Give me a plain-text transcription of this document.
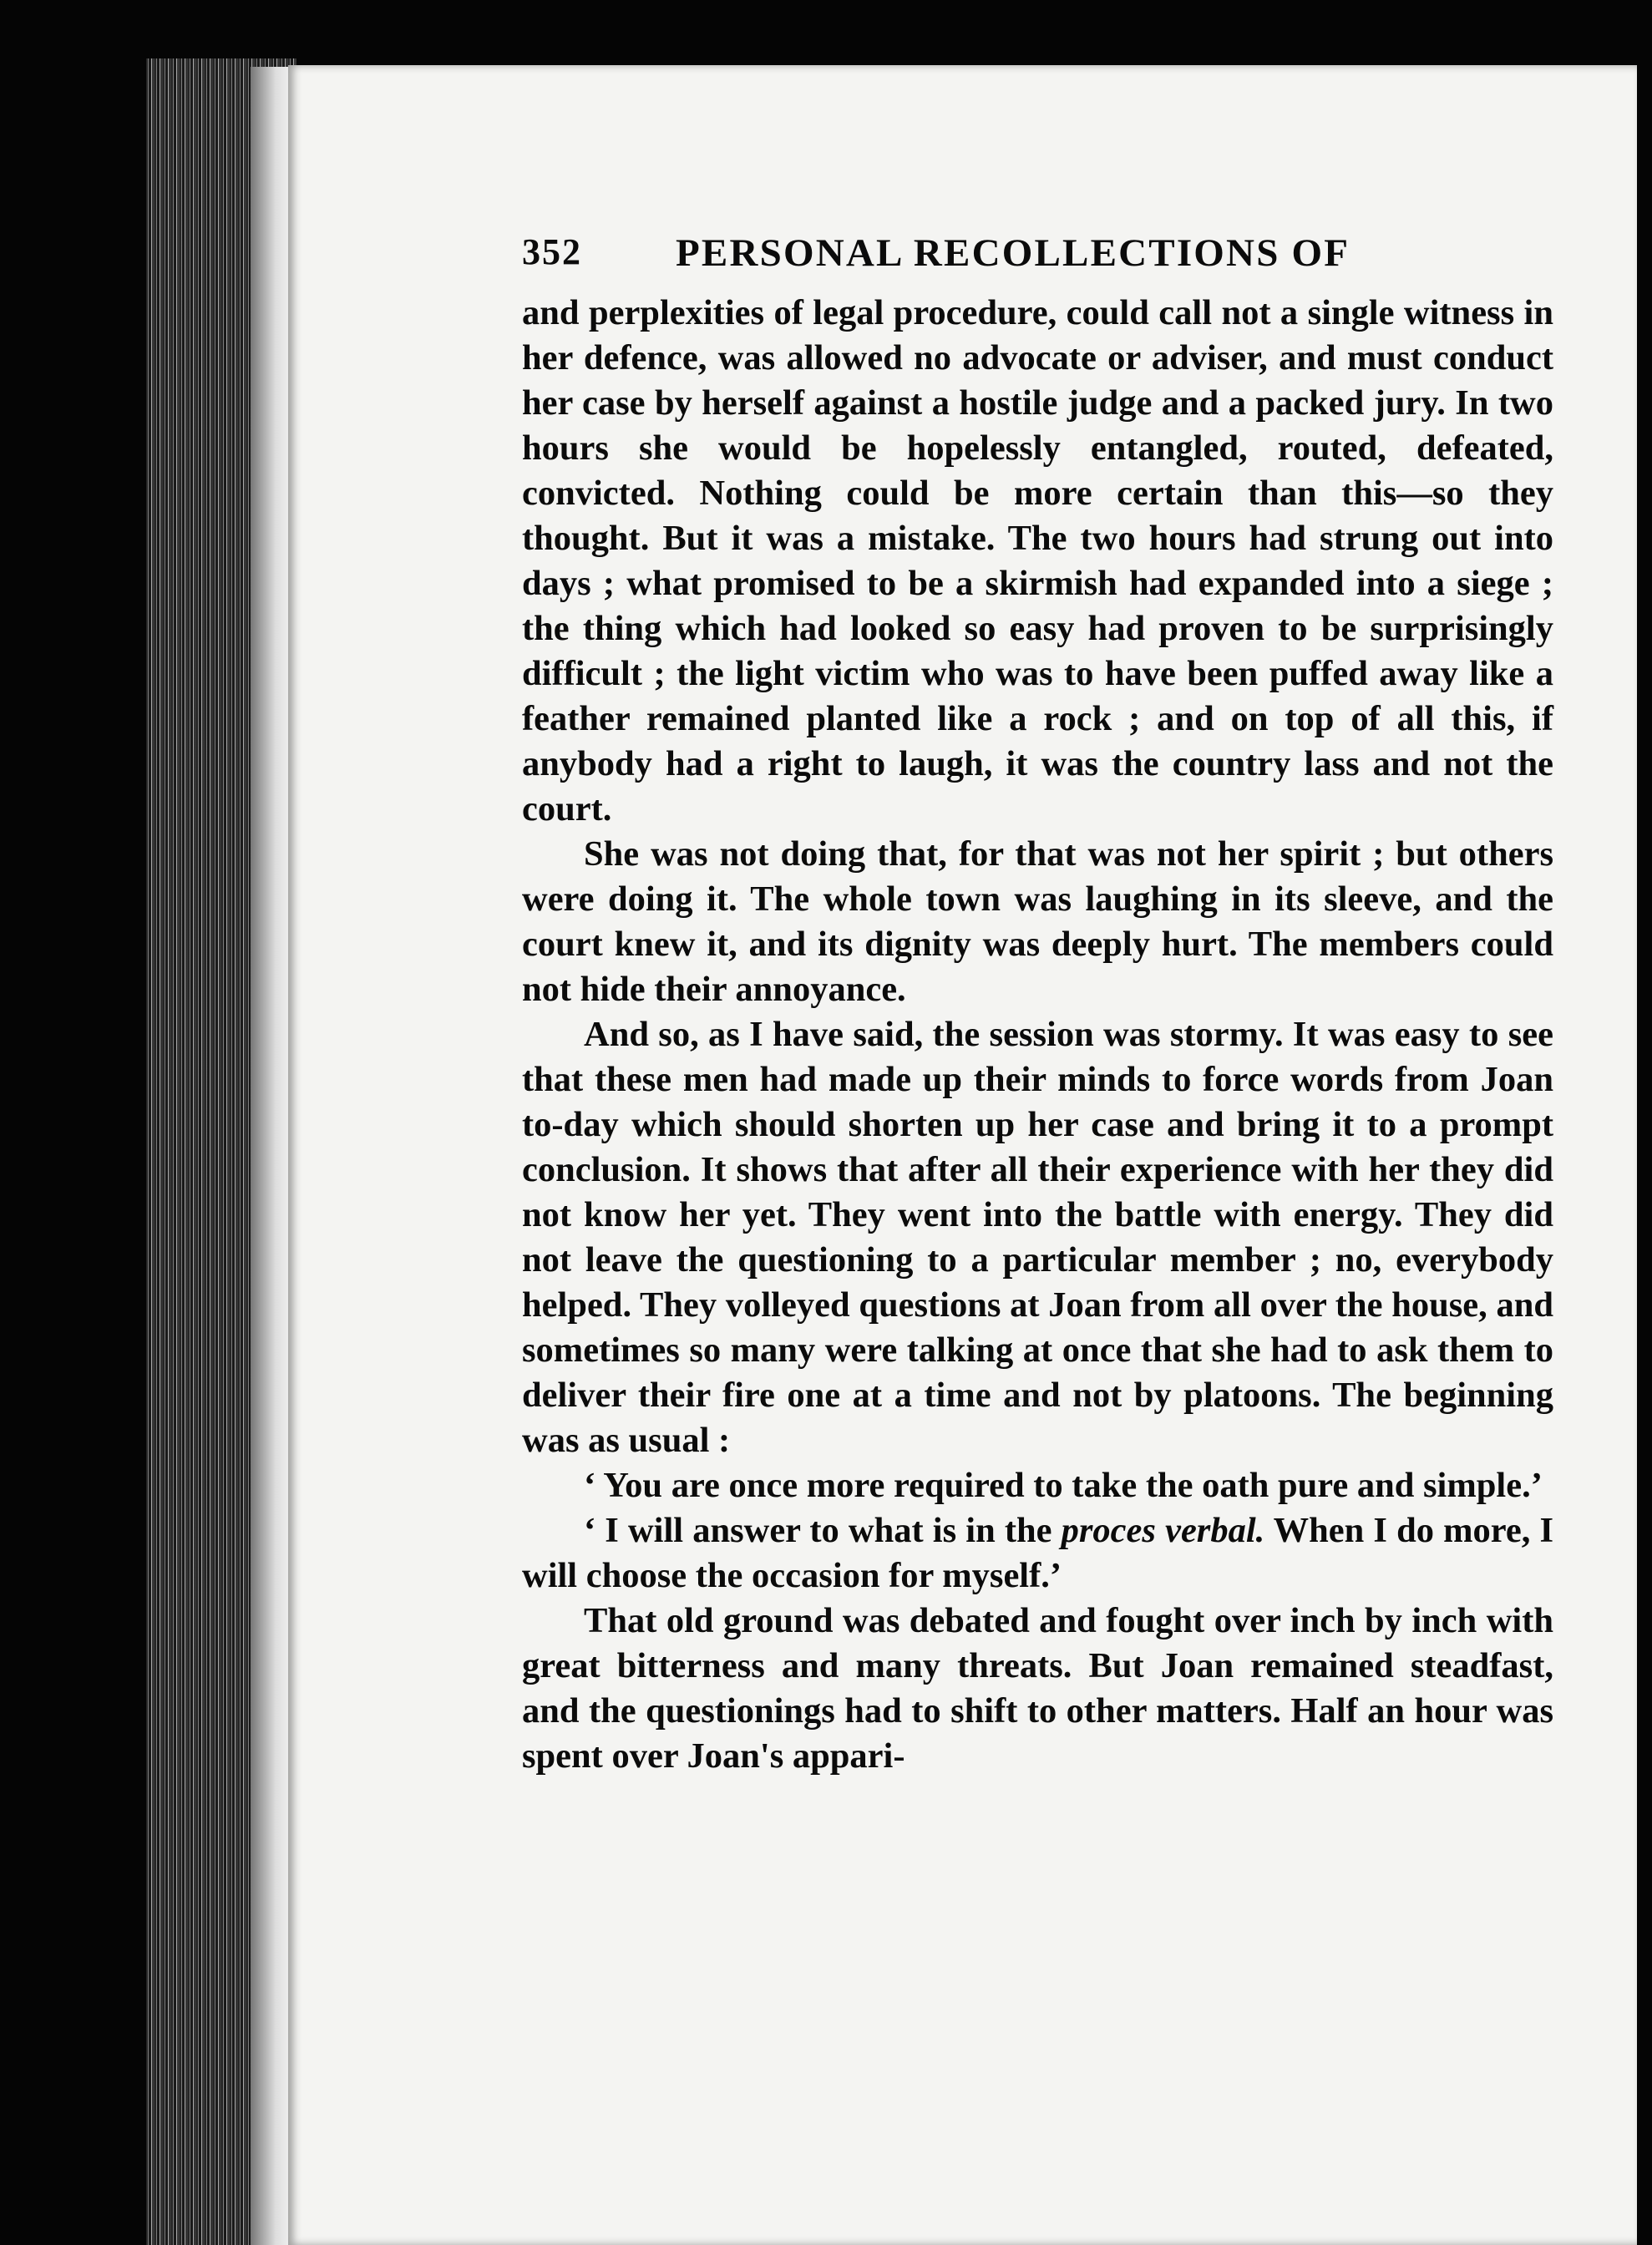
352 PERSONAL RECOLLECTIONS OF

and perplexities of legal procedure, could call not a single witness in her defence, was allowed no advocate or adviser, and must conduct her case by herself against a hostile judge and a packed jury. In two hours she would be hopelessly entangled, routed, defeated, convicted. Nothing could be more certain than this—so they thought. But it was a mistake. The two hours had strung out into days ; what promised to be a skirmish had expanded into a siege ; the thing which had looked so easy had proven to be surprisingly difficult ; the light victim who was to have been puffed away like a feather remained planted like a rock ; and on top of all this, if anybody had a right to laugh, it was the country lass and not the court.

She was not doing that, for that was not her spirit ; but others were doing it. The whole town was laughing in its sleeve, and the court knew it, and its dignity was deeply hurt. The members could not hide their annoyance.

And so, as I have said, the session was stormy. It was easy to see that these men had made up their minds to force words from Joan to-day which should shorten up her case and bring it to a prompt conclusion. It shows that after all their experience with her they did not know her yet. They went into the battle with energy. They did not leave the questioning to a particular member ; no, everybody helped. They volleyed questions at Joan from all over the house, and sometimes so many were talking at once that she had to ask them to deliver their fire one at a time and not by platoons. The beginning was as usual :

‘ You are once more required to take the oath pure and simple.’

‘ I will answer to what is in the proces verbal. When I do more, I will choose the occasion for myself.’

That old ground was debated and fought over inch by inch with great bitterness and many threats. But Joan remained steadfast, and the questionings had to shift to other matters. Half an hour was spent over Joan's appari-
